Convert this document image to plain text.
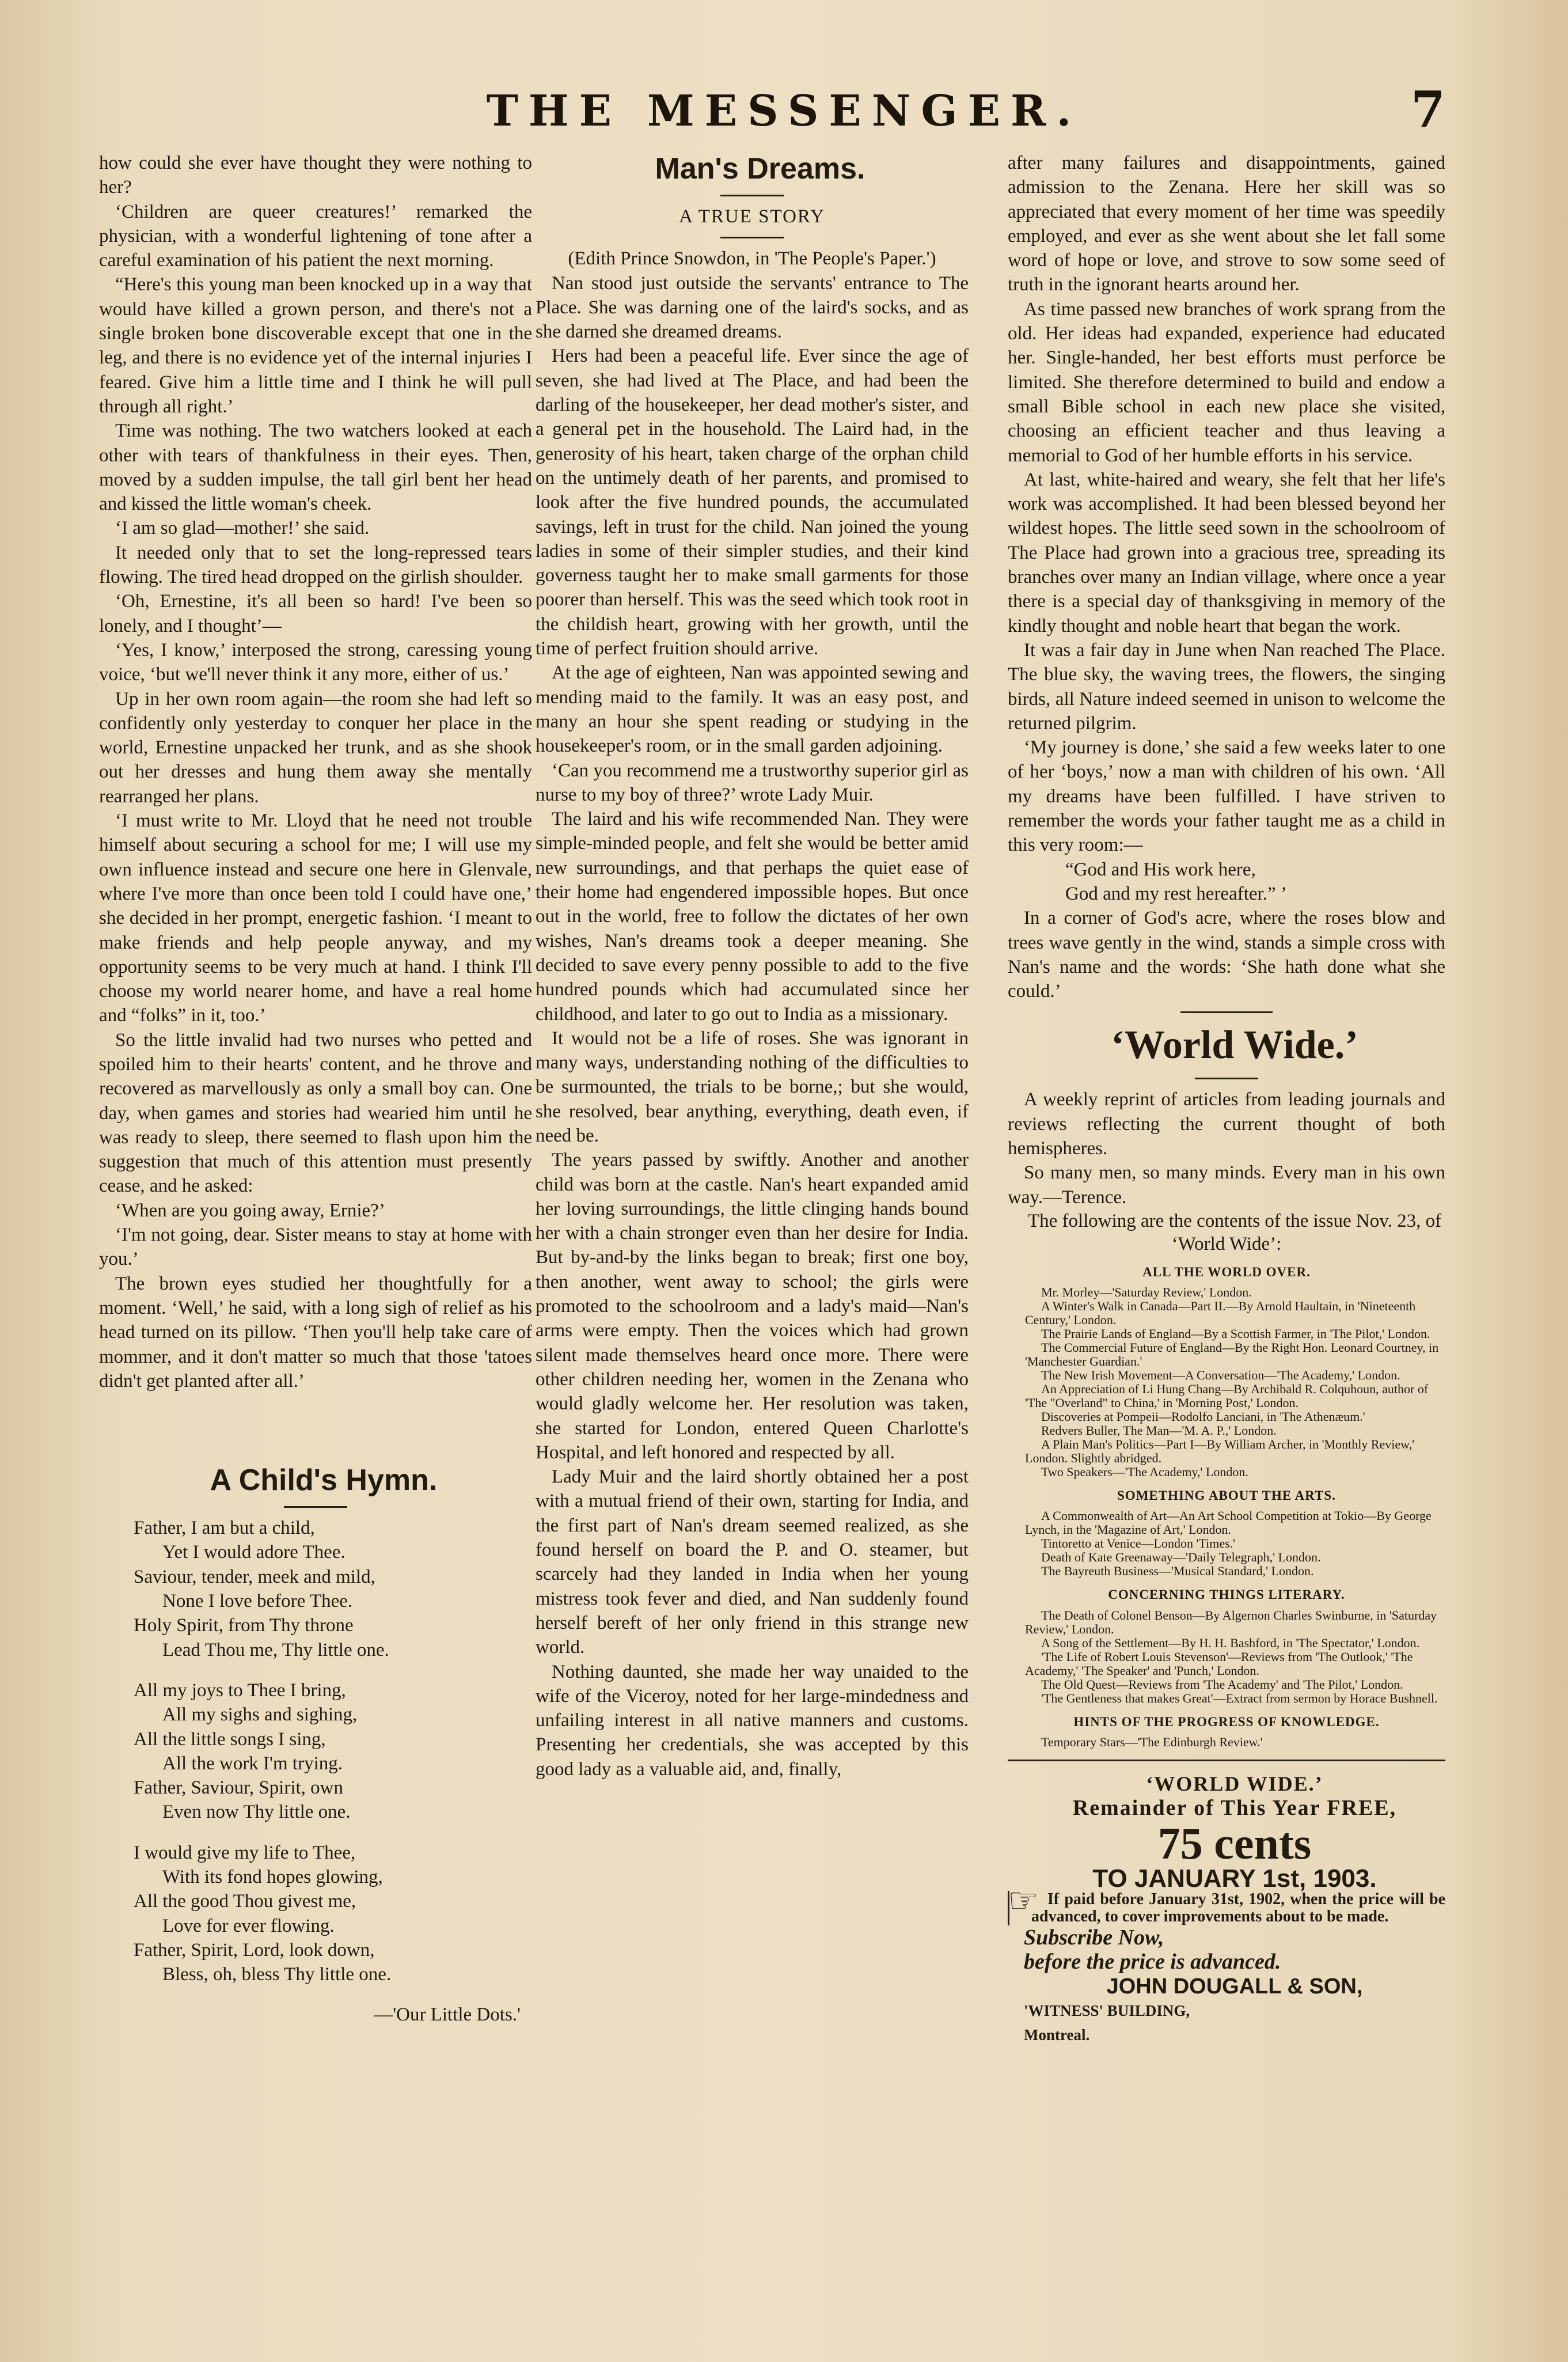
THE MESSENGER.	7

how could she ever have thought they were nothing to her?

‘Children are queer creatures!’ remarked the physician, with a wonderful lightening of tone after a careful examination of his patient the next morning.

“Here's this young man been knocked up in a way that would have killed a grown person, and there's not a single broken bone discoverable except that one in the leg, and there is no evidence yet of the internal injuries I feared. Give him a little time and I think he will pull through all right.’

Time was nothing. The two watchers looked at each other with tears of thankfulness in their eyes. Then, moved by a sudden impulse, the tall girl bent her head and kissed the little woman's cheek.

‘I am so glad—mother!’ she said.

It needed only that to set the long-repressed tears flowing. The tired head dropped on the girlish shoulder.

‘Oh, Ernestine, it's all been so hard! I've been so lonely, and I thought’—

‘Yes, I know,’ interposed the strong, caressing young voice, ‘but we'll never think it any more, either of us.’

Up in her own room again—the room she had left so confidently only yesterday to conquer her place in the world, Ernestine unpacked her trunk, and as she shook out her dresses and hung them away she mentally rearranged her plans.

‘I must write to Mr. Lloyd that he need not trouble himself about securing a school for me; I will use my own influence instead and secure one here in Glenvale, where I've more than once been told I could have one,’ she decided in her prompt, energetic fashion. ‘I meant to make friends and help people anyway, and my opportunity seems to be very much at hand. I think I'll choose my world nearer home, and have a real home and “folks” in it, too.’

So the little invalid had two nurses who petted and spoiled him to their hearts' content, and he throve and recovered as marvellously as only a small boy can. One day, when games and stories had wearied him until he was ready to sleep, there seemed to flash upon him the suggestion that much of this attention must presently cease, and he asked:

‘When are you going away, Ernie?’

‘I'm not going, dear. Sister means to stay at home with you.’

The brown eyes studied her thoughtfully for a moment. ‘Well,’ he said, with a long sigh of relief as his head turned on its pillow. ‘Then you'll help take care of mommer, and it don't matter so much that those 'tatoes didn't get planted after all.’

A Child's Hymn.

Father, I am but a child,
Yet I would adore Thee.
Saviour, tender, meek and mild,
None I love before Thee.
Holy Spirit, from Thy throne
Lead Thou me, Thy little one.
All my joys to Thee I bring,
All my sighs and sighing,
All the little songs I sing,
All the work I'm trying.
Father, Saviour, Spirit, own
Even now Thy little one.
I would give my life to Thee,
With its fond hopes glowing,
All the good Thou givest me,
Love for ever flowing.
Father, Spirit, Lord, look down,
Bless, oh, bless Thy little one.

—'Our Little Dots.'

Man's Dreams.

A TRUE STORY

(Edith Prince Snowdon, in 'The People's Paper.')

Nan stood just outside the servants' entrance to The Place. She was darning one of the laird's socks, and as she darned she dreamed dreams.

Hers had been a peaceful life. Ever since the age of seven, she had lived at The Place, and had been the darling of the housekeeper, her dead mother's sister, and a general pet in the household. The Laird had, in the generosity of his heart, taken charge of the orphan child on the untimely death of her parents, and promised to look after the five hundred pounds, the accumulated savings, left in trust for the child. Nan joined the young ladies in some of their simpler studies, and their kind governess taught her to make small garments for those poorer than herself. This was the seed which took root in the childish heart, growing with her growth, until the time of perfect fruition should arrive.

At the age of eighteen, Nan was appointed sewing and mending maid to the family. It was an easy post, and many an hour she spent reading or studying in the housekeeper's room, or in the small garden adjoining.

‘Can you recommend me a trustworthy superior girl as nurse to my boy of three?’ wrote Lady Muir.

The laird and his wife recommended Nan. They were simple-minded people, and felt she would be better amid new surroundings, and that perhaps the quiet ease of their home had engendered impossible hopes. But once out in the world, free to follow the dictates of her own wishes, Nan's dreams took a deeper meaning. She decided to save every penny possible to add to the five hundred pounds which had accumulated since her childhood, and later to go out to India as a missionary.

It would not be a life of roses. She was ignorant in many ways, understanding nothing of the difficulties to be surmounted, the trials to be borne,; but she would, she resolved, bear anything, everything, death even, if need be.

The years passed by swiftly. Another and another child was born at the castle. Nan's heart expanded amid her loving surroundings, the little clinging hands bound her with a chain stronger even than her desire for India. But by-and-by the links began to break; first one boy, then another, went away to school; the girls were promoted to the schoolroom and a lady's maid—Nan's arms were empty. Then the voices which had grown silent made themselves heard once more. There were other children needing her, women in the Zenana who would gladly welcome her. Her resolution was taken, she started for London, entered Queen Charlotte's Hospital, and left honored and respected by all.

Lady Muir and the laird shortly obtained her a post with a mutual friend of their own, starting for India, and the first part of Nan's dream seemed realized, as she found herself on board the P. and O. steamer, but scarcely had they landed in India when her young mistress took fever and died, and Nan suddenly found herself bereft of her only friend in this strange new world.

Nothing daunted, she made her way unaided to the wife of the Viceroy, noted for her large-mindedness and unfailing interest in all native manners and customs. Presenting her credentials, she was accepted by this good lady as a valuable aid, and, finally,

after many failures and disappointments, gained admission to the Zenana. Here her skill was so appreciated that every moment of her time was speedily employed, and ever as she went about she let fall some word of hope or love, and strove to sow some seed of truth in the ignorant hearts around her.

As time passed new branches of work sprang from the old. Her ideas had expanded, experience had educated her. Single-handed, her best efforts must perforce be limited. She therefore determined to build and endow a small Bible school in each new place she visited, choosing an efficient teacher and thus leaving a memorial to God of her humble efforts in his service.

At last, white-haired and weary, she felt that her life's work was accomplished. It had been blessed beyond her wildest hopes. The little seed sown in the schoolroom of The Place had grown into a gracious tree, spreading its branches over many an Indian village, where once a year there is a special day of thanksgiving in memory of the kindly thought and noble heart that began the work.

It was a fair day in June when Nan reached The Place. The blue sky, the waving trees, the flowers, the singing birds, all Nature indeed seemed in unison to welcome the returned pilgrim.

‘My journey is done,’ she said a few weeks later to one of her ‘boys,’ now a man with children of his own. ‘All my dreams have been fulfilled. I have striven to remember the words your father taught me as a child in this very room:—

“God and His work here,
God and my rest hereafter.” ’

In a corner of God's acre, where the roses blow and trees wave gently in the wind, stands a simple cross with Nan's name and the words: ‘She hath done what she could.’

‘World Wide.’

A weekly reprint of articles from leading journals and reviews reflecting the current thought of both hemispheres.

So many men, so many minds. Every man in his own way.—Terence.

The following are the contents of the issue Nov. 23, of ‘World Wide’:

ALL THE WORLD OVER.

Mr. Morley—'Saturday Review,' London.

A Winter's Walk in Canada—Part II.—By Arnold Haultain, in 'Nineteenth Century,' London.

The Prairie Lands of England—By a Scottish Farmer, in 'The Pilot,' London.

The Commercial Future of England—By the Right Hon. Leonard Courtney, in 'Manchester Guardian.'

The New Irish Movement—A Conversation—'The Academy,' London.

An Appreciation of Li Hung Chang—By Archibald R. Colquhoun, author of 'The "Overland" to China,' in 'Morning Post,' London.

Discoveries at Pompeii—Rodolfo Lanciani, in 'The Athenæum.'

Redvers Buller, The Man—'M. A. P.,' London.

A Plain Man's Politics—Part I—By William Archer, in 'Monthly Review,' London. Slightly abridged.

Two Speakers—'The Academy,' London.

SOMETHING ABOUT THE ARTS.

A Commonwealth of Art—An Art School Competition at Tokio—By George Lynch, in the 'Magazine of Art,' London.

Tintoretto at Venice—London 'Times.'

Death of Kate Greenaway—'Daily Telegraph,' London.

The Bayreuth Business—'Musical Standard,' London.

CONCERNING THINGS LITERARY.

The Death of Colonel Benson—By Algernon Charles Swinburne, in 'Saturday Review,' London.

A Song of the Settlement—By H. H. Bashford, in 'The Spectator,' London.

'The Life of Robert Louis Stevenson'—Reviews from 'The Outlook,' 'The Academy,' 'The Speaker' and 'Punch,' London.

The Old Quest—Reviews from 'The Academy' and 'The Pilot,' London.

'The Gentleness that makes Great'—Extract from sermon by Horace Bushnell.

HINTS OF THE PROGRESS OF KNOWLEDGE.

Temporary Stars—'The Edinburgh Review.'

‘WORLD WIDE.’

Remainder of This Year FREE,

75 cents

TO JANUARY 1st, 1903.

☞ If paid before January 31st, 1902, when the price will be advanced, to cover improvements about to be made.

Subscribe Now,

before the price is advanced.

JOHN DOUGALL & SON,

'WITNESS' BUILDING,

Montreal.
